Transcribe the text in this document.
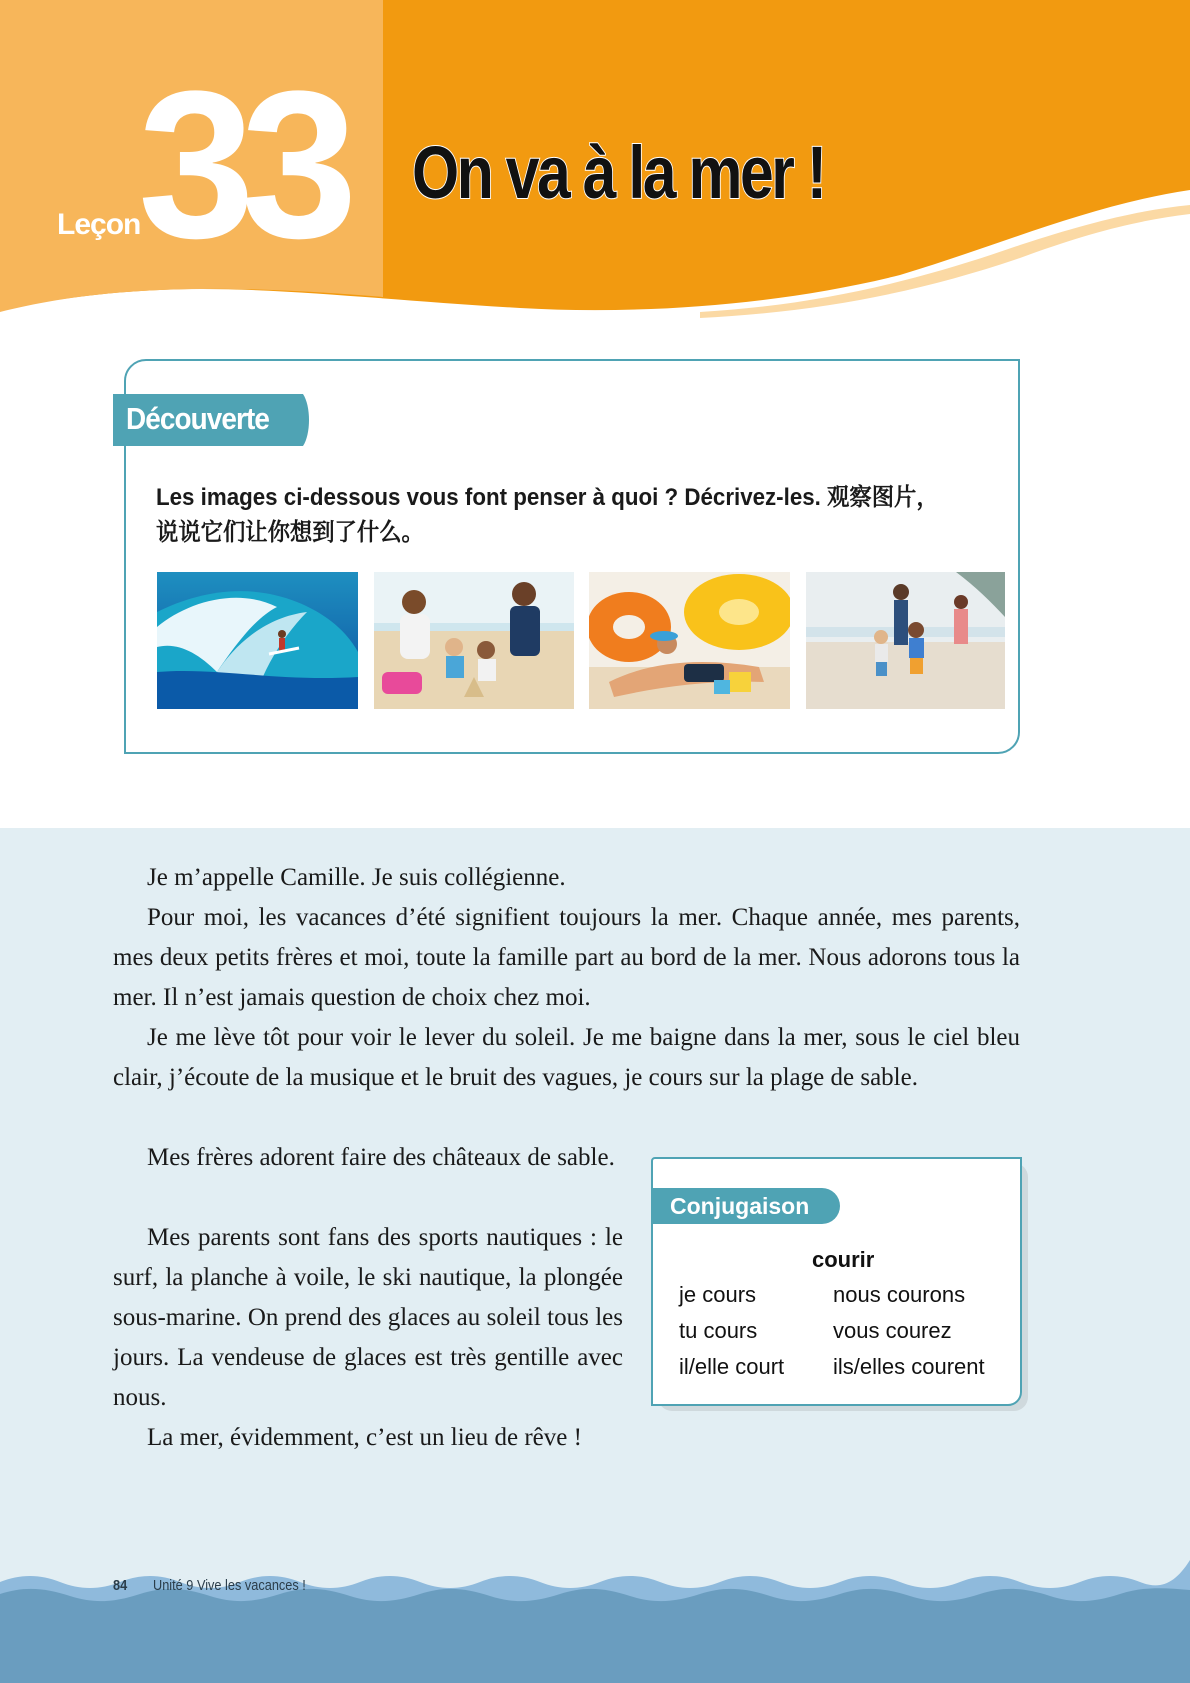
Leçon
33 On va à la mer !
Découverte
Les images ci-dessous vous font penser à quoi ? Décrivez-les. 观察图片，
说说它们让你想到了什么。
Je m’appelle Camille. Je suis collégienne.
Pour moi, les vacances d’été signifient toujours la mer. Chaque année, mes parents, mes deux petits frères et moi, toute la famille part au bord de la mer. Nous adorons tous la mer. Il n’est jamais question de choix chez moi.
Je me lève tôt pour voir le lever du soleil. Je me baigne dans la mer, sous le ciel bleu clair, j’écoute de la musique et le bruit des vagues, je cours sur la plage de sable.
Mes frères adorent faire des châteaux de sable.
Mes parents sont fans des sports nautiques : le surf, la planche à voile, le ski nautique, la plongée sous-marine. On prend des glaces au soleil tous les jours. La vendeuse de glaces est très gentille avec nous.
La mer, évidemment, c’est un lieu de rêve !
Conjugaison
courir
je cours	nous courons
tu cours	vous courez
il/elle court ils/elles courent
84 Unité 9 Vive les vacances !
